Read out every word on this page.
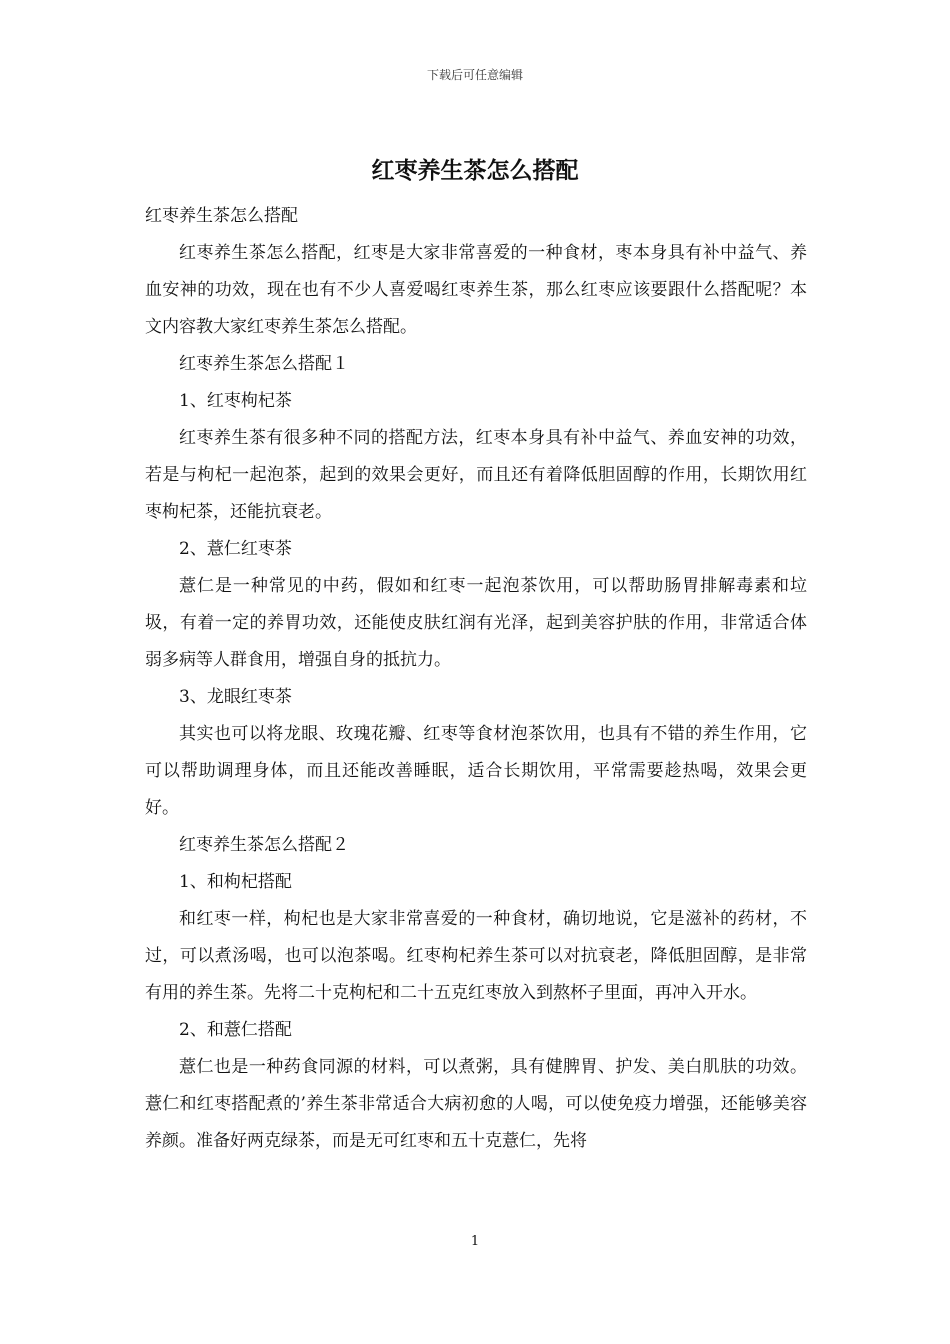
下载后可任意编辑
红枣养生茶怎么搭配

红枣养生茶怎么搭配

红枣养生茶怎么搭配，红枣是大家非常喜爱的一种食材，枣本身具有补中益气、养血安神的功效，现在也有不少人喜爱喝红枣养生茶，那么红枣应该要跟什么搭配呢？本文内容教大家红枣养生茶怎么搭配。

红枣养生茶怎么搭配１

1、红枣枸杞茶

红枣养生茶有很多种不同的搭配方法，红枣本身具有补中益气、养血安神的功效，若是与枸杞一起泡茶，起到的效果会更好，而且还有着降低胆固醇的作用，长期饮用红枣枸杞茶，还能抗衰老。

2、薏仁红枣茶

薏仁是一种常见的中药，假如和红枣一起泡茶饮用，可以帮助肠胃排解毒素和垃圾，有着一定的养胃功效，还能使皮肤红润有光泽，起到美容护肤的作用，非常适合体弱多病等人群食用，增强自身的抵抗力。

3、龙眼红枣茶

其实也可以将龙眼、玫瑰花瓣、红枣等食材泡茶饮用，也具有不错的养生作用，它可以帮助调理身体，而且还能改善睡眠，适合长期饮用，平常需要趁热喝，效果会更好。

红枣养生茶怎么搭配２

1、和枸杞搭配

和红枣一样，枸杞也是大家非常喜爱的一种食材，确切地说，它是滋补的药材，不过，可以煮汤喝，也可以泡茶喝。红枣枸杞养生茶可以对抗衰老，降低胆固醇，是非常有用的养生茶。先将二十克枸杞和二十五克红枣放入到熬杯子里面，再冲入开水。

2、和薏仁搭配

薏仁也是一种药食同源的材料，可以煮粥，具有健脾胃、护发、美白肌肤的功效。薏仁和红枣搭配煮的’养生茶非常适合大病初愈的人喝，可以使免疫力增强，还能够美容养颜。准备好两克绿茶，而是无可红枣和五十克薏仁，先将

1
